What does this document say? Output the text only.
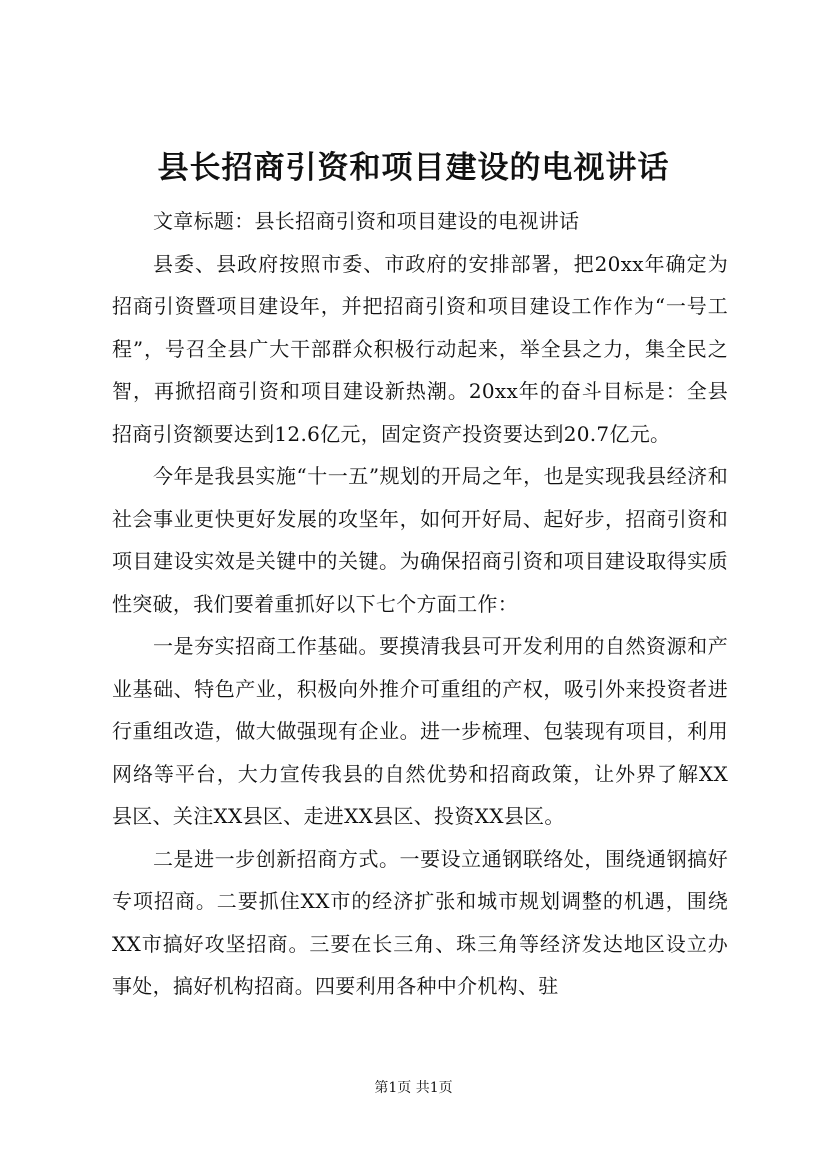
县长招商引资和项目建设的电视讲话

文章标题：县长招商引资和项目建设的电视讲话

县委、县政府按照市委、市政府的安排部署，把20xx年确定为招商引资暨项目建设年，并把招商引资和项目建设工作作为“一号工程”，号召全县广大干部群众积极行动起来，举全县之力，集全民之智，再掀招商引资和项目建设新热潮。20xx年的奋斗目标是：全县招商引资额要达到12.6亿元，固定资产投资要达到20.7亿元。

今年是我县实施“十一五”规划的开局之年，也是实现我县经济和社会事业更快更好发展的攻坚年，如何开好局、起好步，招商引资和项目建设实效是关键中的关键。为确保招商引资和项目建设取得实质性突破，我们要着重抓好以下七个方面工作：

一是夯实招商工作基础。要摸清我县可开发利用的自然资源和产业基础、特色产业，积极向外推介可重组的产权，吸引外来投资者进行重组改造，做大做强现有企业。进一步梳理、包装现有项目，利用网络等平台，大力宣传我县的自然优势和招商政策，让外界了解XX县区、关注XX县区、走进XX县区、投资XX县区。

二是进一步创新招商方式。一要设立通钢联络处，围绕通钢搞好专项招商。二要抓住XX市的经济扩张和城市规划调整的机遇，围绕XX市搞好攻坚招商。三要在长三角、珠三角等经济发达地区设立办事处，搞好机构招商。四要利用各种中介机构、驻

第1页 共1页
